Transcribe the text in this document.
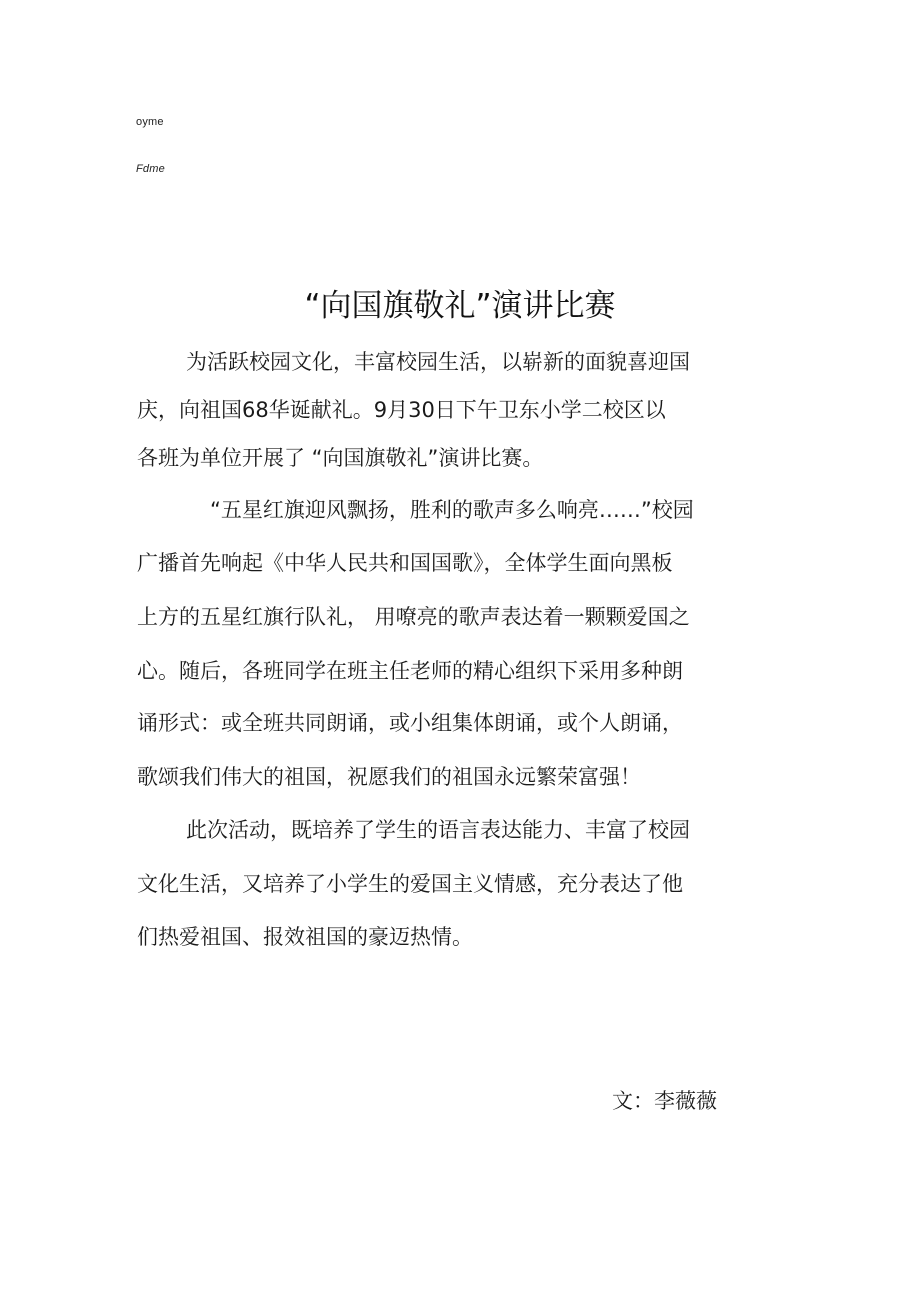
oyme
Fdme
“向国旗敬礼”演讲比赛
为活跃校园文化，丰富校园生活，以崭新的面貌喜迎国
庆，向祖国68华诞献礼。9月30日下午卫东小学二校区以
各班为单位开展了 “向国旗敬礼”演讲比赛。
“五星红旗迎风飘扬，胜利的歌声多么响亮……”校园
广播首先响起《中华人民共和国国歌》，全体学生面向黑板
上方的五星红旗行队礼， 用嘹亮的歌声表达着一颗颗爱国之
心。随后，各班同学在班主任老师的精心组织下采用多种朗
诵形式：或全班共同朗诵，或小组集体朗诵，或个人朗诵，
歌颂我们伟大的祖国，祝愿我们的祖国永远繁荣富强！
此次活动，既培养了学生的语言表达能力、丰富了校园
文化生活，又培养了小学生的爱国主义情感，充分表达了他
们热爱祖国、报效祖国的豪迈热情。
文：李薇薇
